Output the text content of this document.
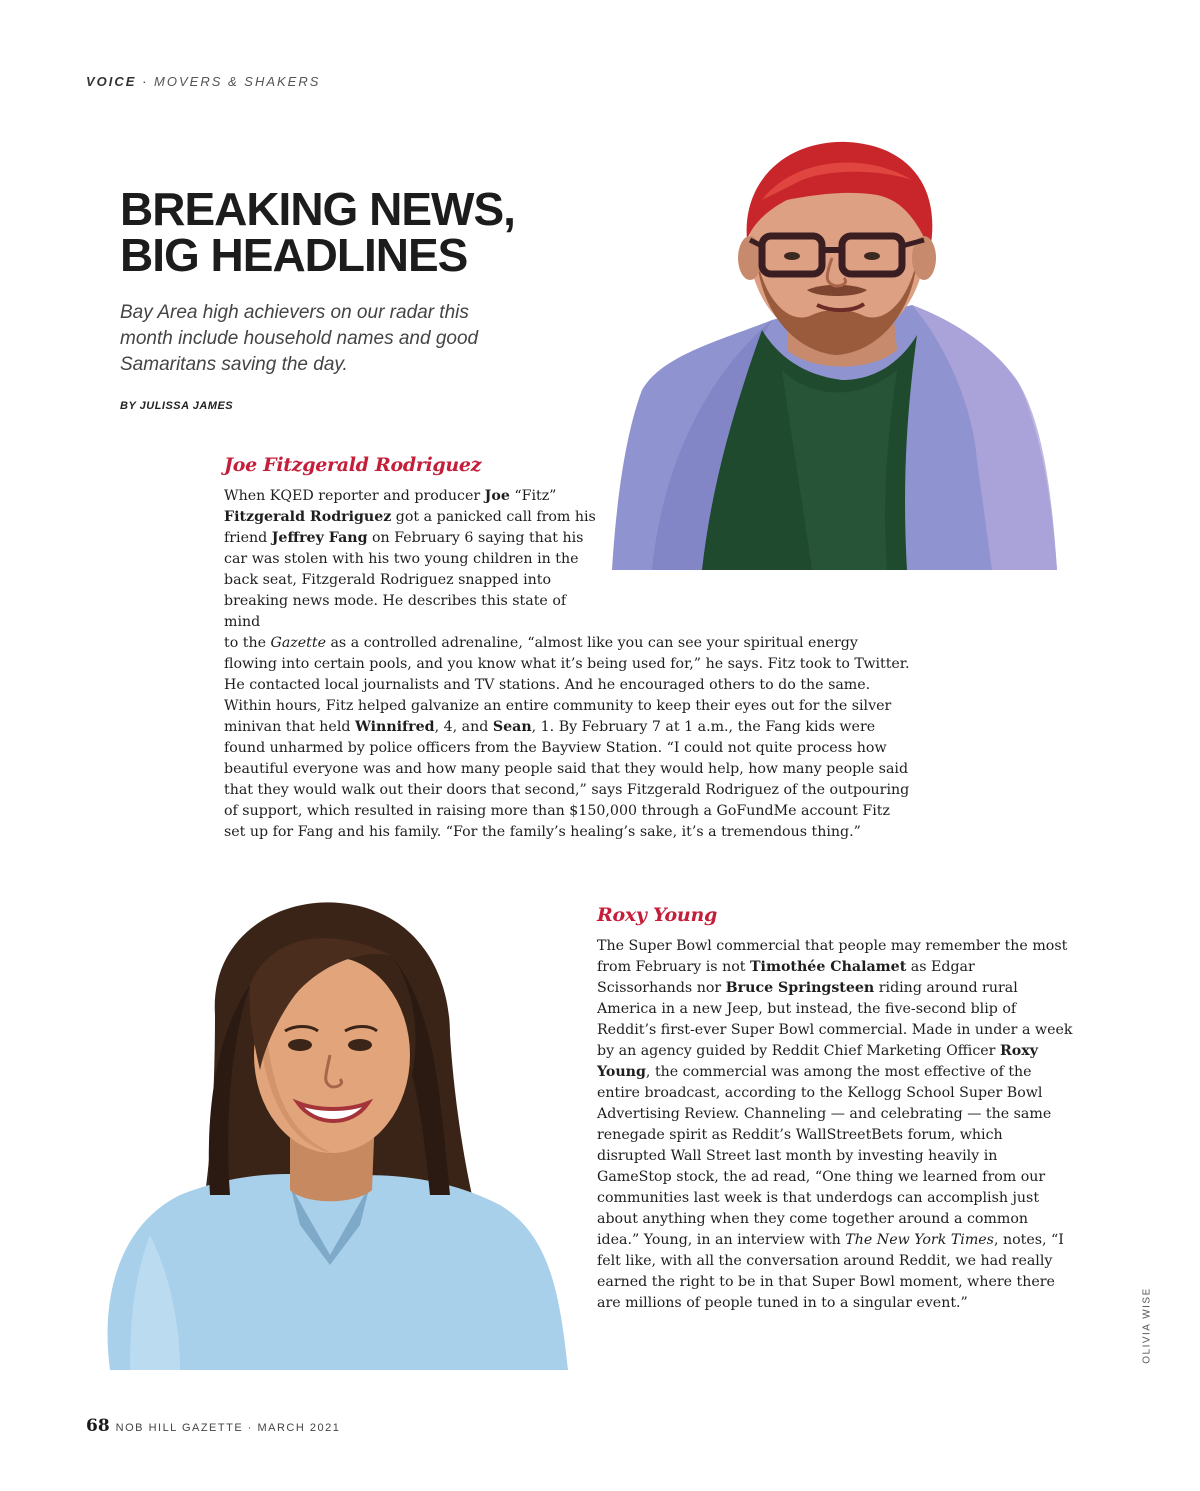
VOICE · MOVERS & SHAKERS
BREAKING NEWS,
BIG HEADLINES
Bay Area high achievers on our radar this month include household names and good Samaritans saving the day.
BY JULISSA JAMES
Joe Fitzgerald Rodriguez

When KQED reporter and producer Joe “Fitz” Fitzgerald Rodriguez got a panicked call from his friend Jeffrey Fang on February 6 saying that his car was stolen with his two young children in the back seat, Fitzgerald Rodriguez snapped into breaking news mode. He describes this state of mind

to the Gazette as a controlled adrenaline, “almost like you can see your spiritual energy flowing into certain pools, and you know what it’s being used for,” he says. Fitz took to Twitter. He contacted local journalists and TV stations. And he encouraged others to do the same. Within hours, Fitz helped galvanize an entire community to keep their eyes out for the silver minivan that held Winnifred, 4, and Sean, 1. By February 7 at 1 a.m., the Fang kids were found unharmed by police officers from the Bayview Station. “I could not quite process how beautiful everyone was and how many people said that they would help, how many people said that they would walk out their doors that second,” says Fitzgerald Rodriguez of the outpouring of support, which resulted in raising more than $150,000 through a GoFundMe account Fitz set up for Fang and his family. “For the family’s healing’s sake, it’s a tremendous thing.”

Roxy Young

The Super Bowl commercial that people may remember the most from February is not Timothée Chalamet as Edgar Scissorhands nor Bruce Springsteen riding around rural America in a new Jeep, but instead, the five-second blip of Reddit’s first-ever Super Bowl commercial. Made in under a week by an agency guided by Reddit Chief Marketing Officer Roxy Young, the commercial was among the most effective of the entire broadcast, according to the Kellogg School Super Bowl Advertising Review. Channeling — and celebrating — the same renegade spirit as Reddit’s WallStreetBets forum, which disrupted Wall Street last month by investing heavily in GameStop stock, the ad read, “One thing we learned from our communities last week is that underdogs can accomplish just about anything when they come together around a common idea.” Young, in an interview with The New York Times, notes, “I felt like, with all the conversation around Reddit, we had really earned the right to be in that Super Bowl moment, where there are millions of people tuned in to a singular event.”	OLIVIA WISE
68 NOB HILL GAZETTE · MARCH 2021
